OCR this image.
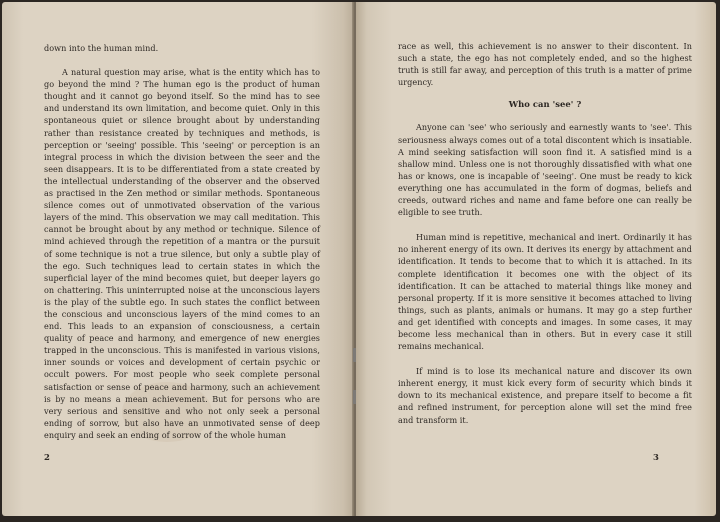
down into the human mind.

A natural question may arise, what is the entity which has to go beyond the mind ? The human ego is the product of human thought and it cannot go beyond itself. So the mind has to see and understand its own limitation, and become quiet. Only in this spontaneous quiet or silence brought about by understanding rather than resistance created by techniques and methods, is perception or 'seeing' possible. This 'seeing' or perception is an integral process in which the division between the seer and the seen disappears. It is to be differentiated from a state created by the intellectual understanding of the observer and the observed as practised in the Zen method or similar methods. Spontaneous silence comes out of unmotivated observation of the various layers of the mind. This observation we may call meditation. This cannot be brought about by any method or technique. Silence of mind achieved through the repetition of a mantra or the pursuit of some technique is not a true silence, but only a subtle play of the ego. Such techniques lead to certain states in which the superficial layer of the mind becomes quiet, but deeper layers go on chattering. This uninterrupted noise at the unconscious layers is the play of the subtle ego. In such states the conflict between the conscious and unconscious layers of the mind comes to an end. This leads to an expansion of consciousness, a certain quality of peace and harmony, and emergence of new energies trapped in the unconscious. This is manifested in various visions, inner sounds or voices and development of certain psychic or occult powers. For most people who seek complete personal satisfaction or sense of peace and harmony, such an achievement is by no means a mean achievement. But for persons who are very serious and sensitive and who not only seek a personal ending of sorrow, but also have an unmotivated sense of deep enquiry and seek an ending of sorrow of the whole human

2

race as well, this achievement is no answer to their discontent. In such a state, the ego has not completely ended, and so the highest truth is still far away, and perception of this truth is a matter of prime urgency.

Who can 'see' ?

Anyone can 'see' who seriously and earnestly wants to 'see'. This seriousness always comes out of a total discontent which is insatiable. A mind seeking satisfaction will soon find it. A satisfied mind is a shallow mind. Unless one is not thoroughly dissatisfied with what one has or knows, one is incapable of 'seeing'. One must be ready to kick everything one has accumulated in the form of dogmas, beliefs and creeds, outward riches and name and fame before one can really be eligible to see truth.

Human mind is repetitive, mechanical and inert. Ordinarily it has no inherent energy of its own. It derives its energy by attachment and identification. It tends to become that to which it is attached. In its complete identification it becomes one with the object of its identification. It can be attached to material things like money and personal property. If it is more sensitive it becomes attached to living things, such as plants, animals or humans. It may go a step further and get identified with concepts and images. In some cases, it may become less mechanical than in others. But in every case it still remains mechanical.

If mind is to lose its mechanical nature and discover its own inherent energy, it must kick every form of security which binds it down to its mechanical existence, and prepare itself to become a fit and refined instrument, for perception alone will set the mind free and transform it.

3
